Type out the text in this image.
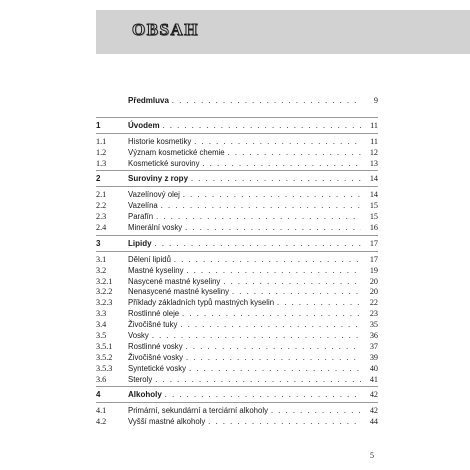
OBSAH
Předmluva . . .	9
1	Úvodem . . .	11
1.1	Historie kosmetiky . . .	11
1.2	Význam kosmetické chemie . . .	12
1.3	Kosmetické suroviny . . .	13
2	Suroviny z ropy . . .	14
2.1	Vazelínový olej . . .	14
2.2	Vazelína . . .	15
2.3	Parafín . . .	15
2.4	Minerální vosky . . .	16
3	Lipidy . . .	17
3.1	Dělení lipidů . . .	17
3.2	Mastné kyseliny . . .	19
3.2.1 Nasycené mastné kyseliny . . .	20
3.2.2 Nenasycené mastné kyseliny . . .	20
3.2.3 Příklady základních typů mastných kyselin . . .	22
3.3	Rostlinné oleje . . .	23
3.4	Živočišné tuky . . .	35
3.5	Vosky . . .	36
3.5.1 Rostlinné vosky . . .	37
3.5.2 Živočišné vosky . . .	39
3.5.3 Syntetické vosky . . .	40
3.6	Steroly . . .	41
4	Alkoholy . . .	42
4.1	Primární, sekundární a terciární alkoholy . . .	42
4.2	Vyšší mastné alkoholy . . .	44
5
